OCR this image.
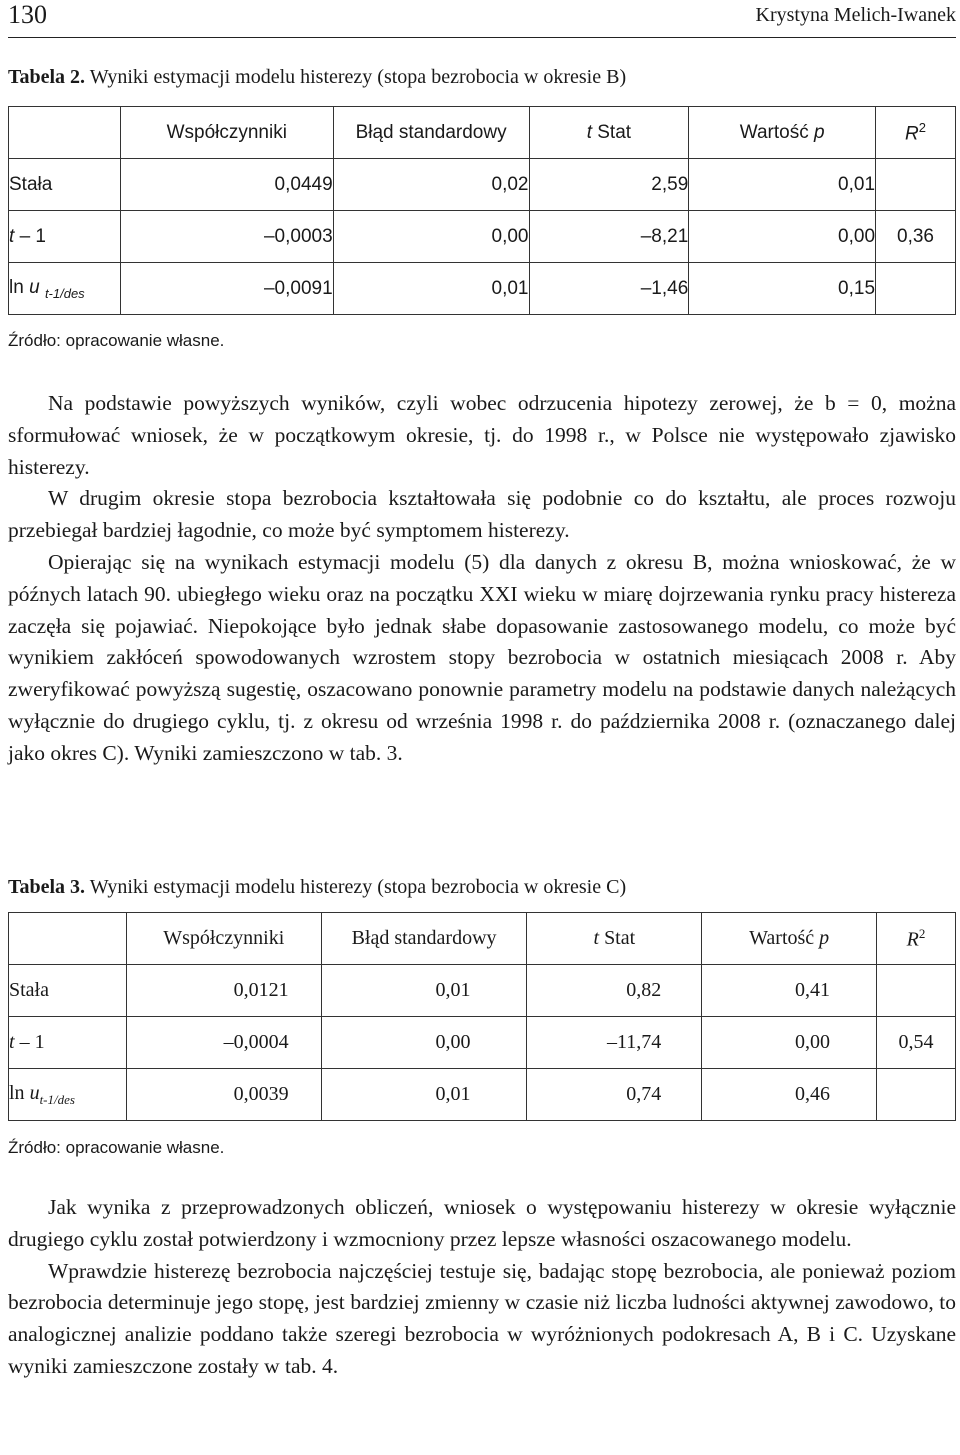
130	Krystyna Melich-Iwanek
Tabela 2. Wyniki estymacji modelu histerezy (stopa bezrobocia w okresie B)
	Współczynniki	Błąd standardowy	t Stat	Wartość p	$R^2$
Stała	0,0449	0,02	2,59	0,01	
t – 1	–0,0003	0,00	–8,21	0,00	0,36
ln u $_{t-1/des}$	–0,0091	0,01	–1,46	0,15	
Źródło: opracowanie własne.

Na podstawie powyższych wyników, czyli wobec odrzucenia hipotezy zerowej, że b = 0, można sformułować wniosek, że w początkowym okresie, tj. do 1998 r., w Polsce nie występowało zjawisko histerezy.

W drugim okresie stopa bezrobocia kształtowała się podobnie co do kształtu, ale proces rozwoju przebiegał bardziej łagodnie, co może być symptomem histerezy.

Opierając się na wynikach estymacji modelu (5) dla danych z okresu B, można wnioskować, że w późnych latach 90. ubiegłego wieku oraz na początku XXI wieku w miarę dojrzewania rynku pracy histereza zaczęła się pojawiać. Niepokojące było jednak słabe dopasowanie zastosowanego modelu, co może być wynikiem zakłóceń spowodowanych wzrostem stopy bezrobocia w ostatnich miesiącach 2008 r. Aby zweryfikować powyższą sugestię, oszacowano ponownie parametry modelu na podstawie danych należących wyłącznie do drugiego cyklu, tj. z okresu od września 1998 r. do października 2008 r. (oznaczanego dalej jako okres C). Wyniki zamieszczono w tab. 3.

Tabela 3. Wyniki estymacji modelu histerezy (stopa bezrobocia w okresie C)
	Współczynniki	Błąd standardowy	t Stat	Wartość p	$R^2$
Stała	0,0121	0,01	0,82	0,41	
t – 1	–0,0004	0,00	–11,74	0,00	0,54
$\ln u_{t-1/des}$	0,0039	0,01	0,74	0,46	
Źródło: opracowanie własne.

Jak wynika z przeprowadzonych obliczeń, wniosek o występowaniu histerezy w okresie wyłącznie drugiego cyklu został potwierdzony i wzmocniony przez lepsze własności oszacowanego modelu.

Wprawdzie histerezę bezrobocia najczęściej testuje się, badając stopę bezrobocia, ale ponieważ poziom bezrobocia determinuje jego stopę, jest bardziej zmienny w czasie niż liczba ludności aktywnej zawodowo, to analogicznej analizie poddano także szeregi bezrobocia w wyróżnionych podokresach A, B i C. Uzyskane wyniki zamieszczone zostały w tab. 4.
